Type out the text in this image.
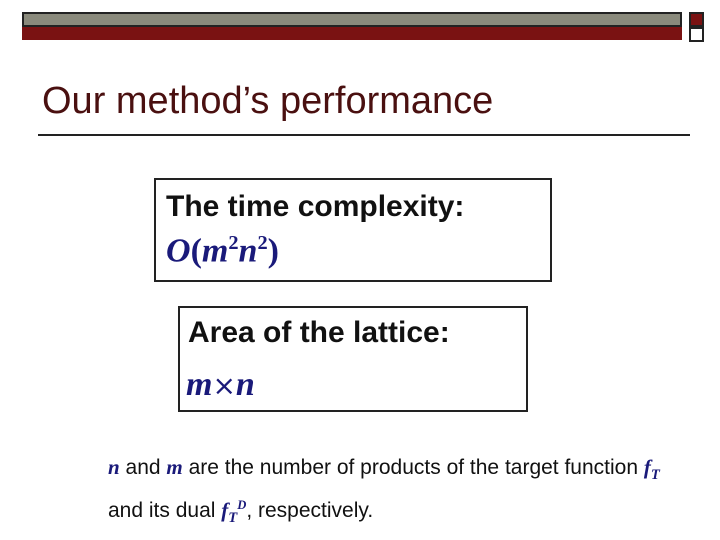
Our method’s performance
The time complexity:
$O(m^2n^2)$
Area of the lattice:
m×n
n and m are the number of products of the target function $f_T$ and its dual $f_T^D$, respectively.
